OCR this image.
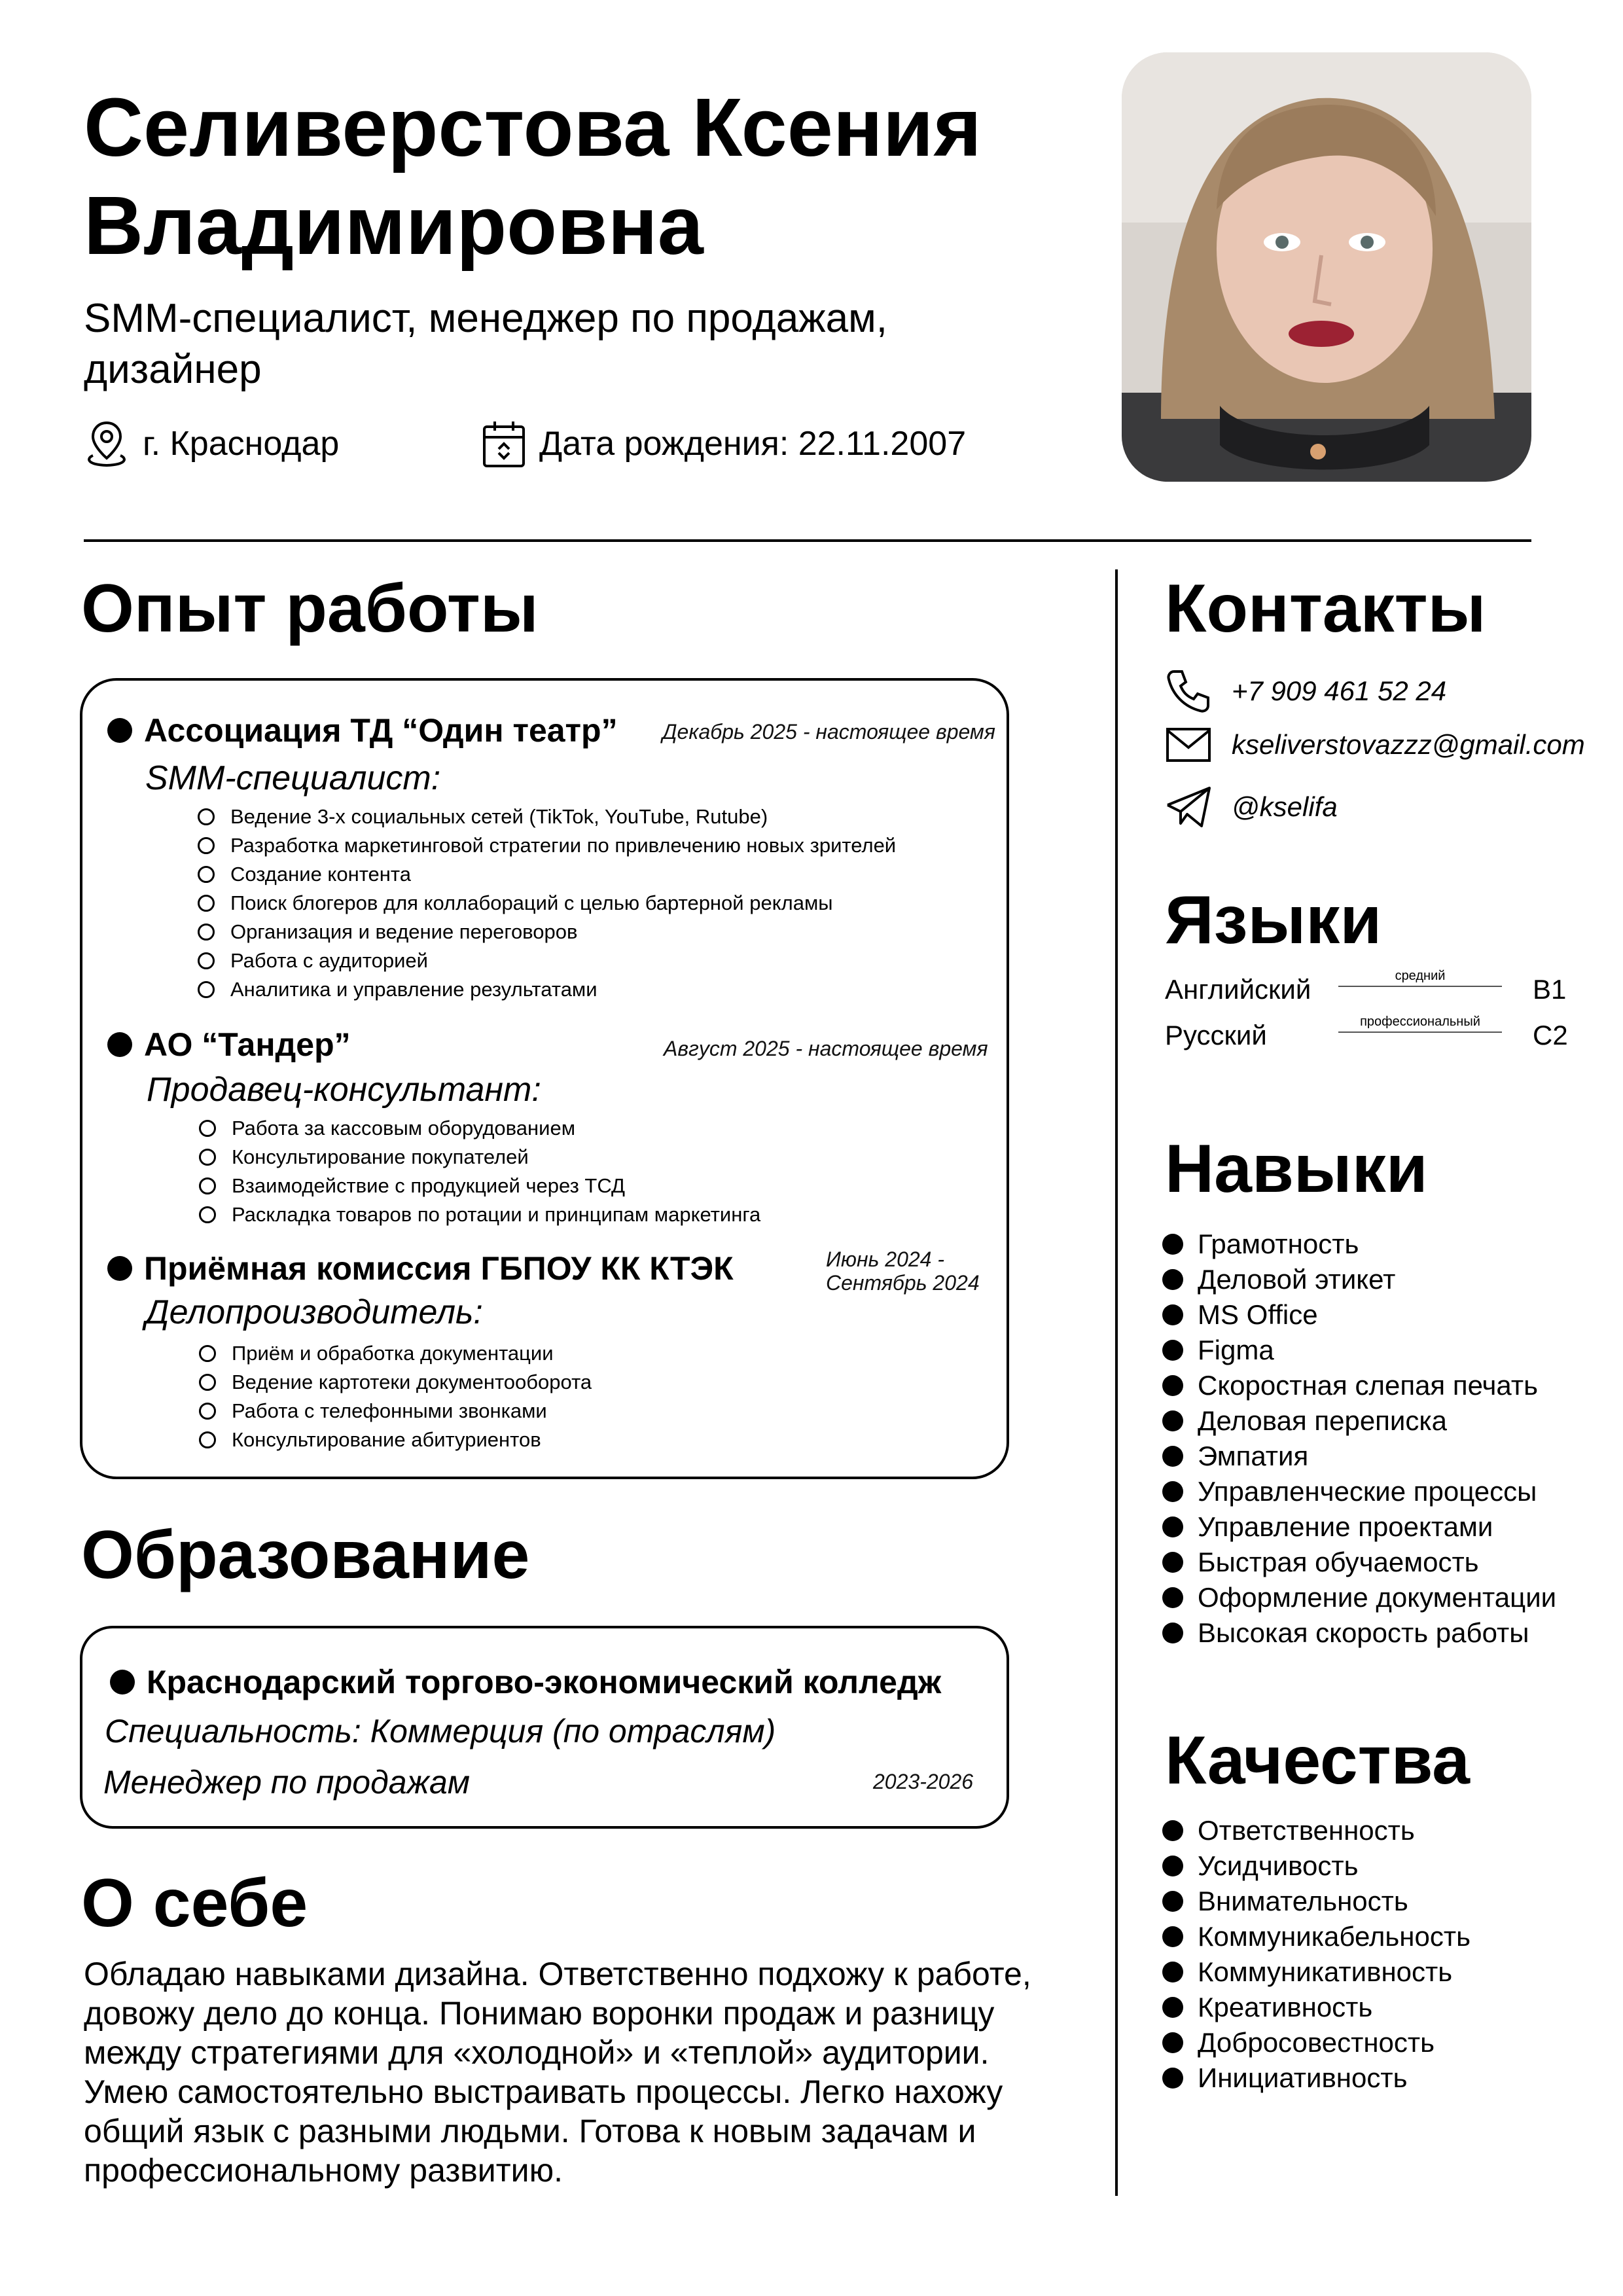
Селиверстова Ксения Владимировна
SMM-специалист, менеджер по продажам, дизайнер
г. Краснодар	Дата рождения: 22.11.2007
Опыт работы
Ассоциация ТД “Один театр” Декабрь 2025 - настоящее время
SMM-специалист:
Ведение 3-х социальных сетей (TikTok, YouTube, Rutube)
Разработка маркетинговой стратегии по привлечению новых зрителей
Создание контента
Поиск блогеров для коллабораций с целью бартерной рекламы
Организация и ведение переговоров
Работа с аудиторией
Аналитика и управление результатами
АО “Тандер”	Август 2025 - настоящее время
Продавец-консультант:
Работа за кассовым оборудованием
Консультирование покупателей
Взаимодействие с продукцией через ТСД
Раскладка товаров по ротации и принципам маркетинга
Приёмная комиссия ГБПОУ КК КТЭК	Июнь 2024 -
Сентябрь 2024
Делопроизводитель:
Приём и обработка документации
Ведение картотеки документооборота
Работа с телефонными звонками
Консультирование абитуриентов
Образование
Краснодарский торгово-экономический колледж
Специальность: Коммерция (по отраслям)
Менеджер по продажам	2023-2026
О себе
Обладаю навыками дизайна. Ответственно подхожу к работе, довожу дело до конца. Понимаю воронки продаж и разницу между стратегиями для «холодной» и «теплой» аудитории. Умею самостоятельно выстраивать процессы. Легко нахожу общий язык с разными людьми. Готова к новым задачам и профессиональному развитию.
Контакты
+7 909 461 52 24
kseliverstovazzz@gmail.com
@kselifa
Языки
Английский	средний	B1
Русский	профессиональный	C2
Навыки
Грамотность
Деловой этикет
MS Office
Figma
Скоростная слепая печать
Деловая переписка
Эмпатия
Управленческие процессы
Управление проектами
Быстрая обучаемость
Оформление документации
Высокая скорость работы
Качества
Ответственность
Усидчивость
Внимательность
Коммуникабельность
Коммуникативность
Креативность
Добросовестность
Инициативность
